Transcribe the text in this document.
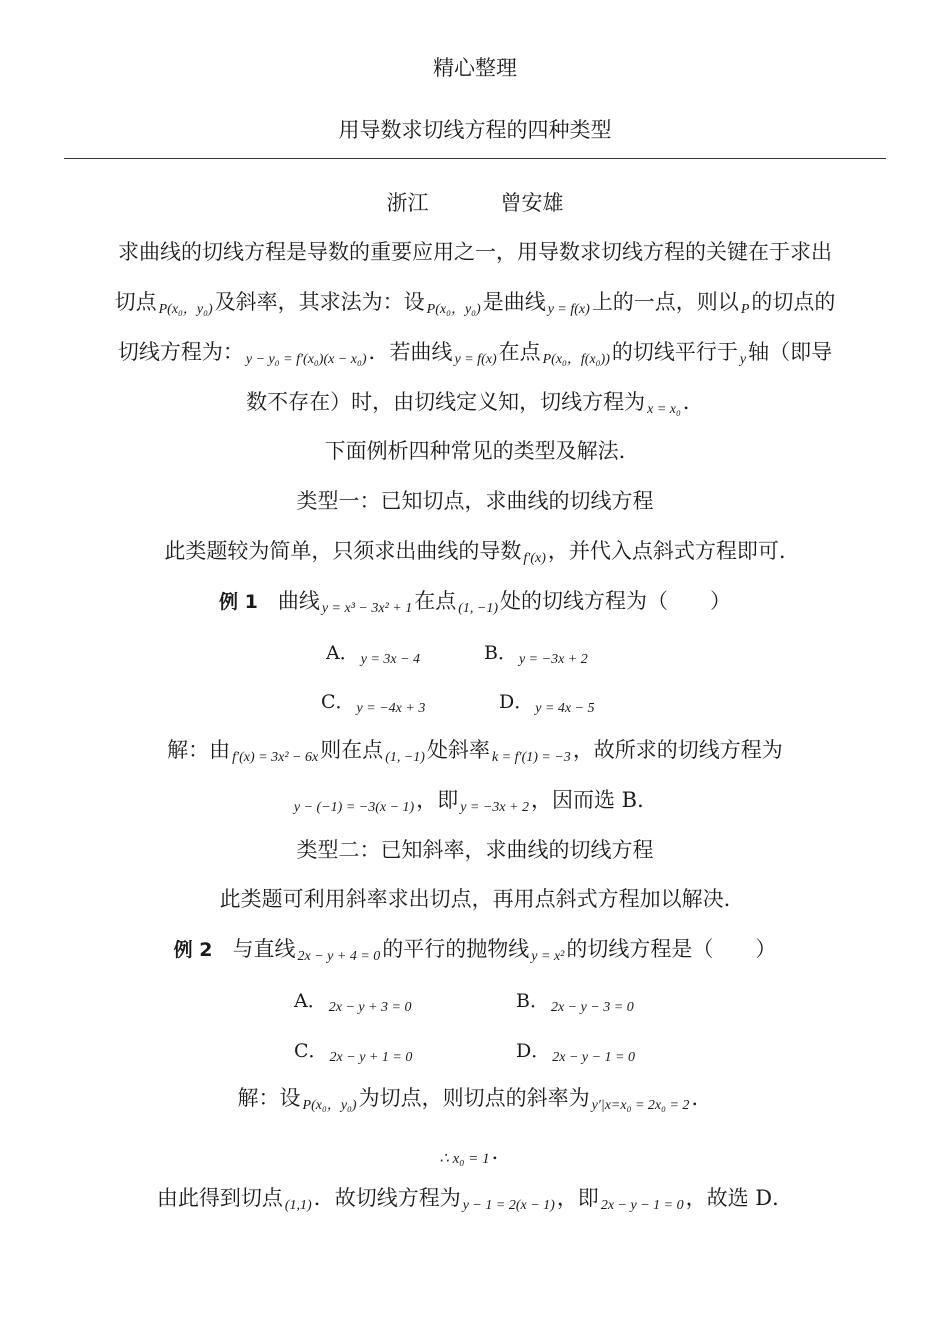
精心整理
用导数求切线方程的四种类型
浙江	曾安雄
求曲线的切线方程是导数的重要应用之一，用导数求切线方程的关键在于求出
切点 P(x₀，y₀)及斜率，其求法为：设 P(x₀，y₀)是曲线 y = f(x)上的一点，则以 P的切点的
切线方程为： y − y₀ = f′(x₀)(x − x₀)．若曲线 y = f(x)在点 P(x₀，f(x₀))的切线平行于 y轴（即导
数不存在）时，由切线定义知，切线方程为 x = x₀．
下面例析四种常见的类型及解法.
类型一：已知切点，求曲线的切线方程
此类题较为简单，只须求出曲线的导数 f′(x)，并代入点斜式方程即可.
例 1 曲线 y = x³ − 3x² + 1在点 (1, −1)处的切线方程为（　　）
A． y = 3x − 4	B． y = −3x + 2
C． y = −4x + 3	D． y = 4x − 5
解：由 f′(x) = 3x² − 6x则在点 (1, −1)处斜率 k = f′(1) = −3，故所求的切线方程为
y − (−1) = −3(x − 1)，即 y = −3x + 2，因而选 B．
类型二：已知斜率，求曲线的切线方程
此类题可利用斜率求出切点，再用点斜式方程加以解决.
例 2 与直线 2x − y + 4 = 0的平行的抛物线 y = x²的切线方程是（　　）
A． 2x − y + 3 = 0	B． 2x − y − 3 = 0
C． 2x − y + 1 = 0	D． 2x − y − 1 = 0
解：设 P(x₀，y₀)为切点，则切点的斜率为 y′|x=x₀ = 2x₀ = 2．
∴ x₀ = 1．
由此得到切点 (1,1)．故切线方程为 y − 1 = 2(x − 1)，即 2x − y − 1 = 0，故选 D．
